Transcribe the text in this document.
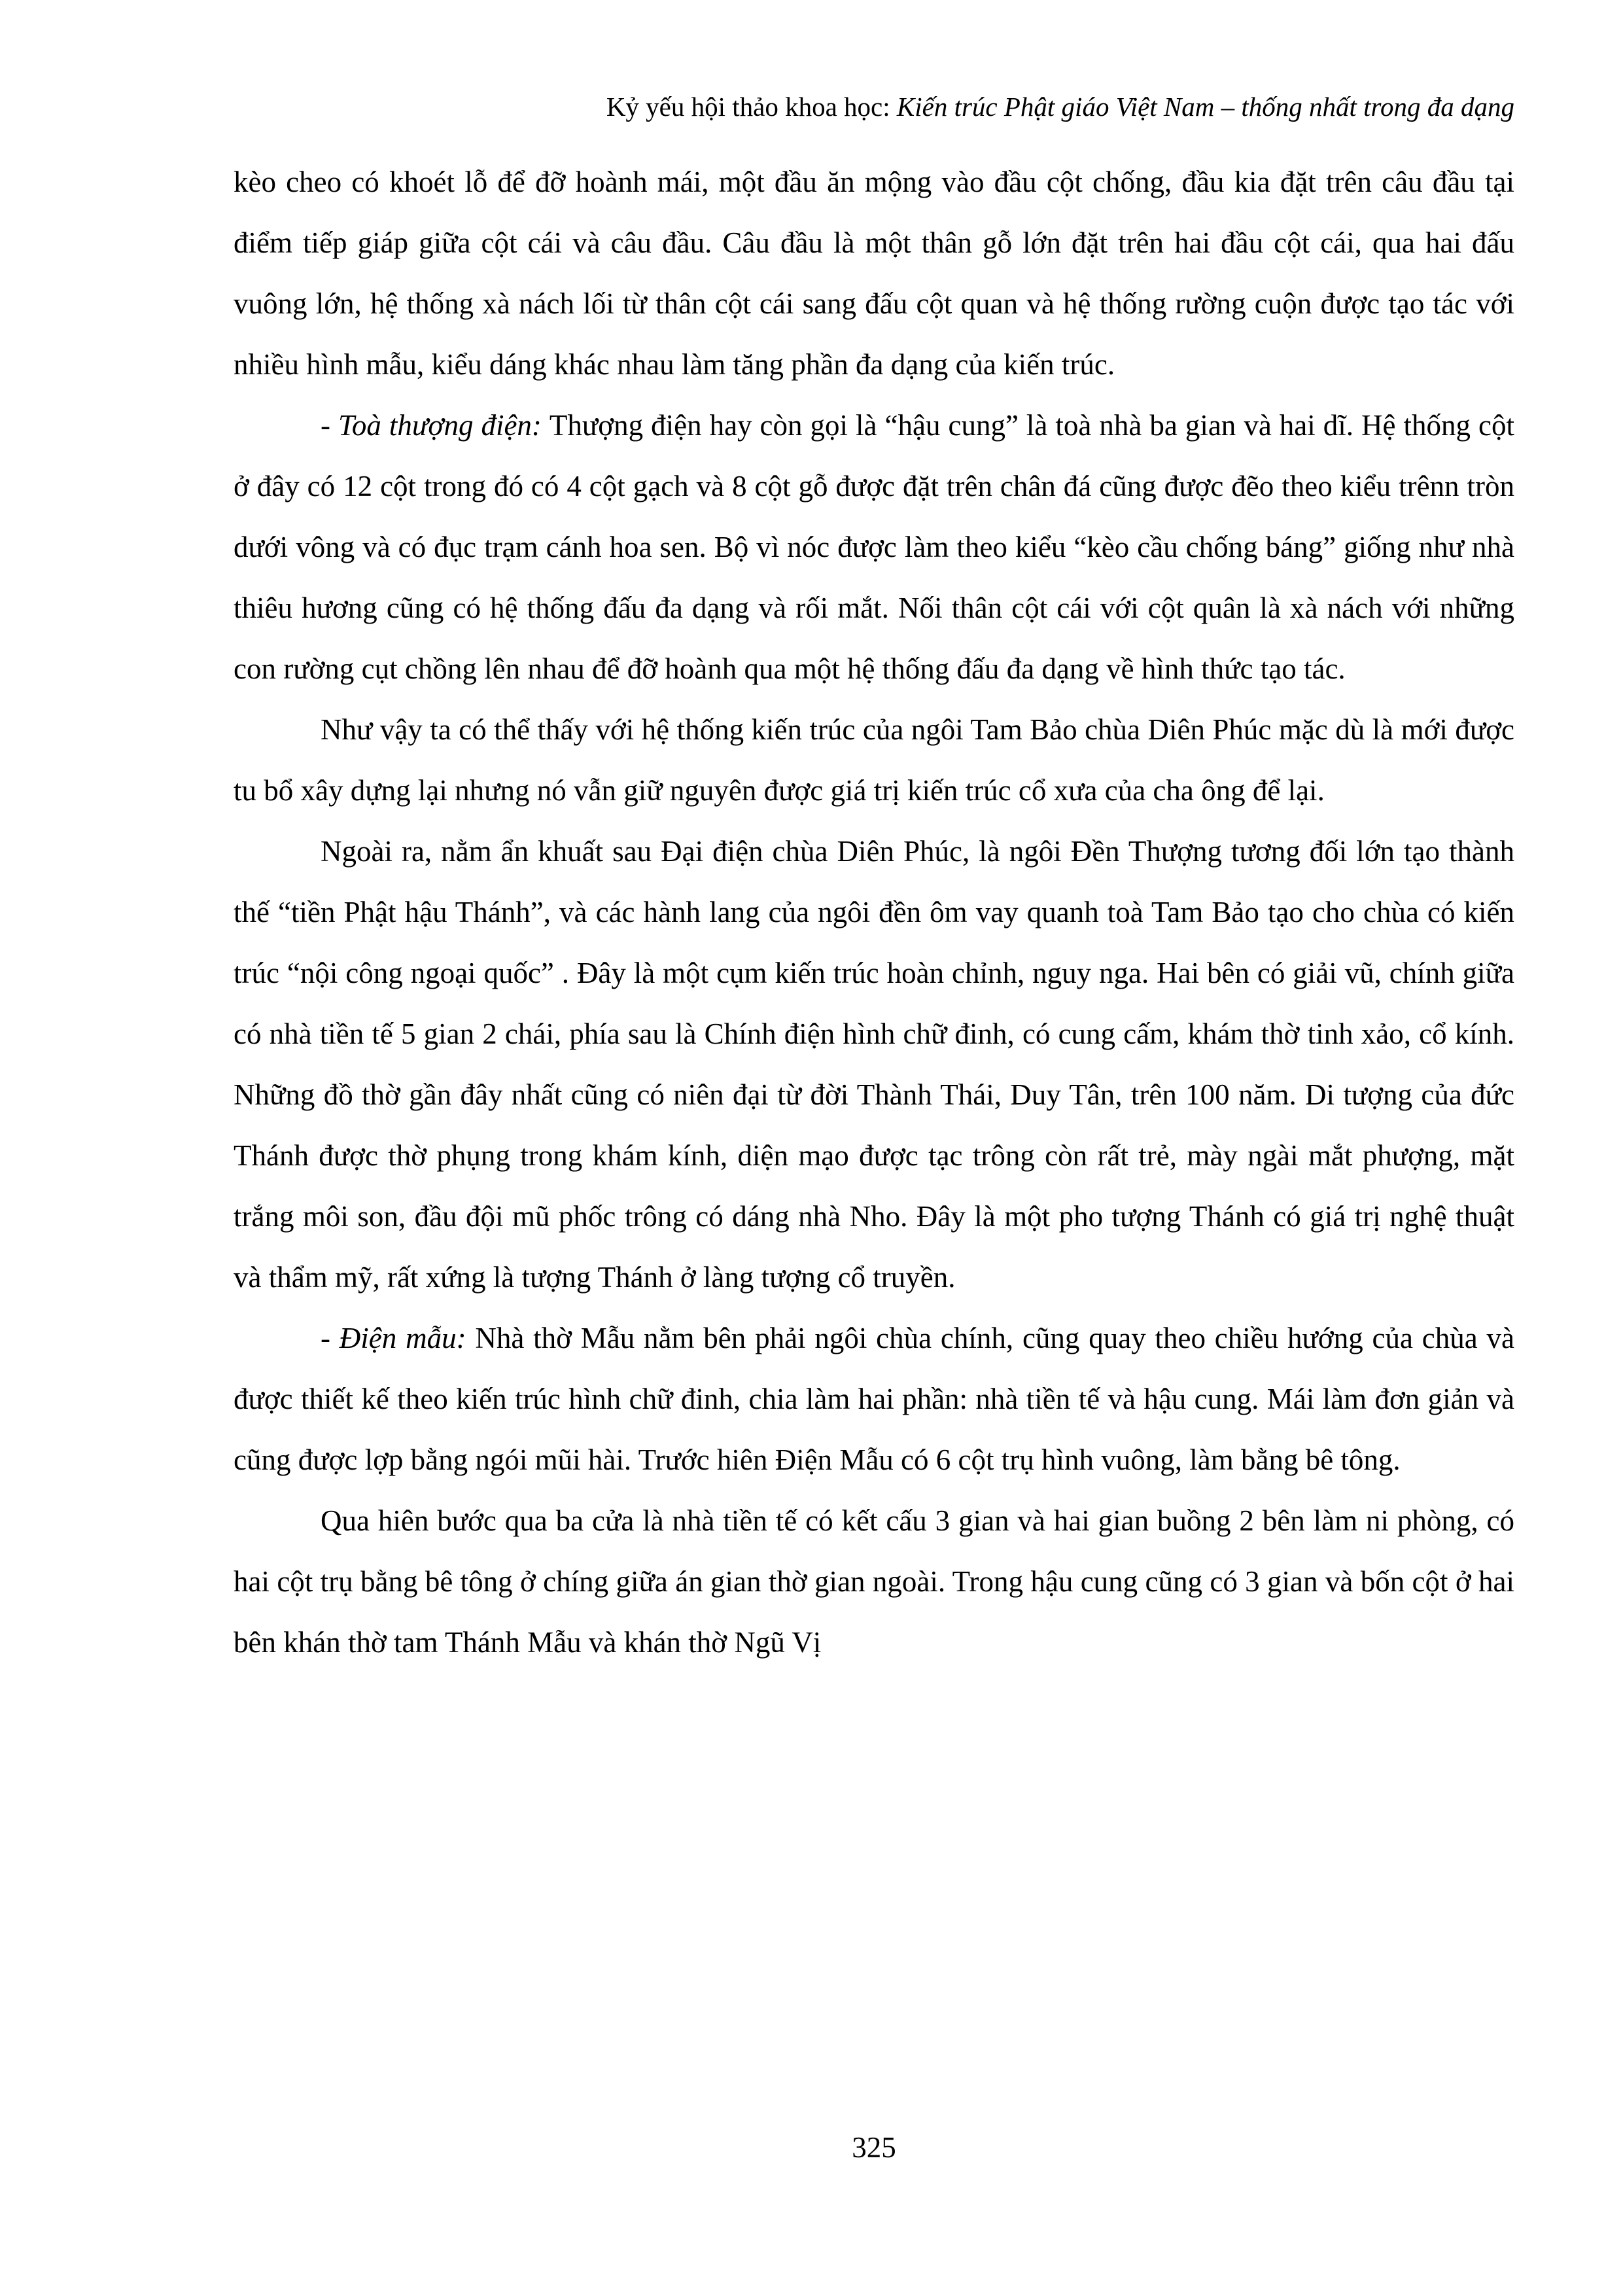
Kỷ yếu hội thảo khoa học: Kiến trúc Phật giáo Việt Nam – thống nhất trong đa dạng

kèo cheo có khoét lỗ để đỡ hoành mái, một đầu ăn mộng vào đầu cột chống, đầu kia đặt trên câu đầu tại điểm tiếp giáp giữa cột cái và câu đầu. Câu đầu là một thân gỗ lớn đặt trên hai đầu cột cái, qua hai đấu vuông lớn, hệ thống xà nách lối từ thân cột cái sang đấu cột quan và hệ thống rường cuộn được tạo tác với nhiều hình mẫu, kiểu dáng khác nhau làm tăng phần đa dạng của kiến trúc.

- Toà thượng điện: Thượng điện hay còn gọi là “hậu cung” là toà nhà ba gian và hai dĩ. Hệ thống cột ở đây có 12 cột trong đó có 4 cột gạch và 8 cột gỗ được đặt trên chân đá cũng được đẽo theo kiểu trênn tròn dưới vông và có đục trạm cánh hoa sen. Bộ vì nóc được làm theo kiểu “kèo cầu chống báng” giống như nhà thiêu hương cũng có hệ thống đấu đa dạng và rối mắt. Nối thân cột cái với cột quân là xà nách với những con rường cụt chồng lên nhau để đỡ hoành qua một hệ thống đấu đa dạng về hình thức tạo tác.

Như vậy ta có thể thấy với hệ thống kiến trúc của ngôi Tam Bảo chùa Diên Phúc mặc dù là mới được tu bổ xây dựng lại nhưng nó vẫn giữ nguyên được giá trị kiến trúc cổ xưa của cha ông để lại.

Ngoài ra, nằm ẩn khuất sau Đại điện chùa Diên Phúc, là ngôi Đền Thượng tương đối lớn tạo thành thế “tiền Phật hậu Thánh”, và các hành lang của ngôi đền ôm vay quanh toà Tam Bảo tạo cho chùa có kiến trúc “nội công ngoại quốc” . Đây là một cụm kiến trúc hoàn chỉnh, nguy nga. Hai bên có giải vũ, chính giữa có nhà tiền tế 5 gian 2 chái, phía sau là Chính điện hình chữ đinh, có cung cấm, khám thờ tinh xảo, cổ kính. Những đồ thờ gần đây nhất cũng có niên đại từ đời Thành Thái, Duy Tân, trên 100 năm. Di tượng của đức Thánh được thờ phụng trong khám kính, diện mạo được tạc trông còn rất trẻ, mày ngài mắt phượng, mặt trắng môi son, đầu đội mũ phốc trông có dáng nhà Nho. Đây là một pho tượng Thánh có giá trị nghệ thuật và thẩm mỹ, rất xứng là tượng Thánh ở làng tượng cổ truyền.

- Điện mẫu: Nhà thờ Mẫu nằm bên phải ngôi chùa chính, cũng quay theo chiều hướng của chùa và được thiết kế theo kiến trúc hình chữ đinh, chia làm hai phần: nhà tiền tế và hậu cung. Mái làm đơn giản và cũng được lợp bằng ngói mũi hài. Trước hiên Điện Mẫu có 6 cột trụ hình vuông, làm bằng bê tông.

Qua hiên bước qua ba cửa là nhà tiền tế có kết cấu 3 gian và hai gian buồng 2 bên làm ni phòng, có hai cột trụ bằng bê tông ở chíng giữa án gian thờ gian ngoài. Trong hậu cung cũng có 3 gian và bốn cột ở hai bên khán thờ tam Thánh Mẫu và khán thờ Ngũ Vị

325
